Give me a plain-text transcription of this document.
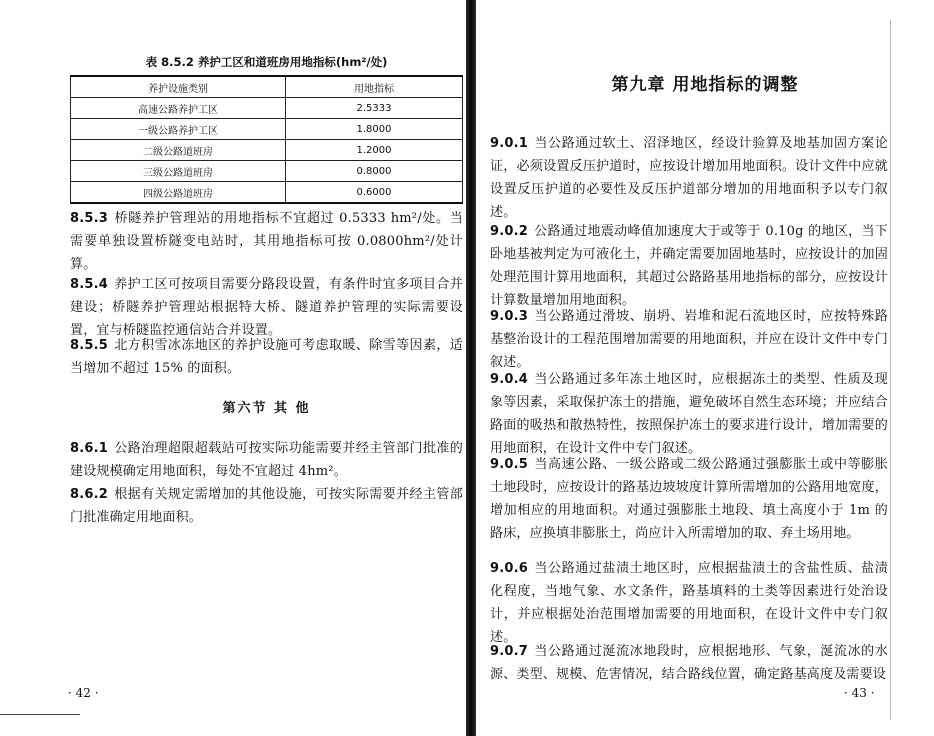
表 8.5.2 养护工区和道班房用地指标(hm²/处)
养护设施类别	用地指标
高速公路养护工区	2.5333
一级公路养护工区	1.8000
二级公路道班房	1.2000
三级公路道班房	0.8000
四级公路道班房	0.6000

8.5.3 桥隧养护管理站的用地指标不宜超过 0.5333 hm²/处。当需要单独设置桥隧变电站时，其用地指标可按 0.0800hm²/处计算。

8.5.4 养护工区可按项目需要分路段设置，有条件时宜多项目合并建设；桥隧养护管理站根据特大桥、隧道养护管理的实际需要设置，宜与桥隧监控通信站合并设置。

8.5.5 北方积雪冰冻地区的养护设施可考虑取暖、除雪等因素，适当增加不超过 15% 的面积。

第六节 其 他

8.6.1 公路治理超限超载站可按实际功能需要并经主管部门批准的建设规模确定用地面积，每处不宜超过 4hm²。

8.6.2 根据有关规定需增加的其他设施，可按实际需要并经主管部门批准确定用地面积。

· 42 ·
第九章 用地指标的调整

9.0.1 当公路通过软土、沼泽地区，经设计验算及地基加固方案论证，必须设置反压护道时，应按设计增加用地面积。设计文件中应就设置反压护道的必要性及反压护道部分增加的用地面积予以专门叙述。

9.0.2 公路通过地震动峰值加速度大于或等于 0.10g 的地区，当下卧地基被判定为可液化土，并确定需要加固地基时，应按设计的加固处理范围计算用地面积，其超过公路路基用地指标的部分，应按设计计算数量增加用地面积。

9.0.3 当公路通过滑坡、崩坍、岩堆和泥石流地区时，应按特殊路基整治设计的工程范围增加需要的用地面积，并应在设计文件中专门叙述。

9.0.4 当公路通过多年冻土地区时，应根据冻土的类型、性质及现象等因素，采取保护冻土的措施，避免破坏自然生态环境；并应结合路面的吸热和散热特性，按照保护冻土的要求进行设计，增加需要的用地面积，在设计文件中专门叙述。

9.0.5 当高速公路、一级公路或二级公路通过强膨胀土或中等膨胀土地段时，应按设计的路基边坡坡度计算所需增加的公路用地宽度，增加相应的用地面积。对通过强膨胀土地段、填土高度小于 1m 的路床，应换填非膨胀土，尚应计入所需增加的取、弃土场用地。

9.0.6 当公路通过盐渍土地区时，应根据盐渍土的含盐性质、盐渍化程度，当地气象、水文条件，路基填料的土类等因素进行处治设计，并应根据处治范围增加需要的用地面积，在设计文件中专门叙述。

9.0.7 当公路通过涎流冰地段时，应根据地形、气象，涎流冰的水源、类型、规模、危害情况，结合路线位置，确定路基高度及需要设

· 43 ·
